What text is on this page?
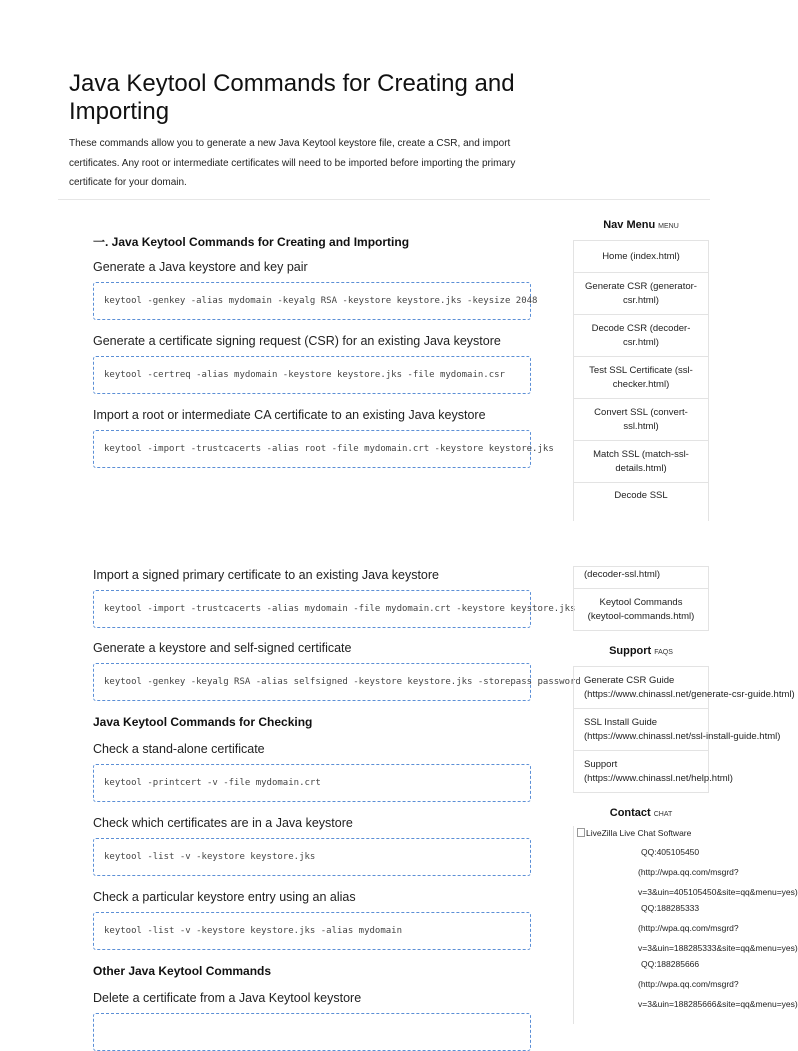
Java Keytool Commands for Creating and Importing
These commands allow you to generate a new Java Keytool keystore file, create a CSR, and import certificates. Any root or intermediate certificates will need to be imported before importing the primary certificate for your domain.
一. Java Keytool Commands for Creating and Importing
Generate a Java keystore and key pair
keytool -genkey -alias mydomain -keyalg RSA -keystore keystore.jks -keysize 2048
Generate a certificate signing request (CSR) for an existing Java keystore
keytool -certreq -alias mydomain -keystore keystore.jks -file mydomain.csr
Import a root or intermediate CA certificate to an existing Java keystore
keytool -import -trustcacerts -alias root -file mydomain.crt -keystore keystore.jks
Import a signed primary certificate to an existing Java keystore
keytool -import -trustcacerts -alias mydomain -file mydomain.crt -keystore keystore.jks
Generate a keystore and self-signed certificate
keytool -genkey -keyalg RSA -alias selfsigned -keystore keystore.jks -storepass password
Java Keytool Commands for Checking
Check a stand-alone certificate
keytool -printcert -v -file mydomain.crt
Check which certificates are in a Java keystore
keytool -list -v -keystore keystore.jks
Check a particular keystore entry using an alias
keytool -list -v -keystore keystore.jks -alias mydomain
Other Java Keytool Commands
Delete a certificate from a Java Keytool keystore
Nav Menu MENU
Home (index.html)
Generate CSR (generator-csr.html)
Decode CSR (decoder-csr.html)
Test SSL Certificate (ssl-checker.html)
Convert SSL (convert-ssl.html)
Match SSL (match-ssl-details.html)
Decode SSL
(decoder-ssl.html)
Keytool Commands (keytool-commands.html)
Support FAQS
Generate CSR Guide
(https://www.chinassl.net/generate-csr-guide.html)
SSL Install Guide
(https://www.chinassl.net/ssl-install-guide.html)
Support
(https://www.chinassl.net/help.html)
Contact CHAT
LiveZilla Live Chat Software
QQ:405105450
(http://wpa.qq.com/msgrd?
v=3&uin=405105450&site=qq&menu=yes)
QQ:188285333
(http://wpa.qq.com/msgrd?
v=3&uin=188285333&site=qq&menu=yes)
QQ:188285666
(http://wpa.qq.com/msgrd?
v=3&uin=188285666&site=qq&menu=yes)
